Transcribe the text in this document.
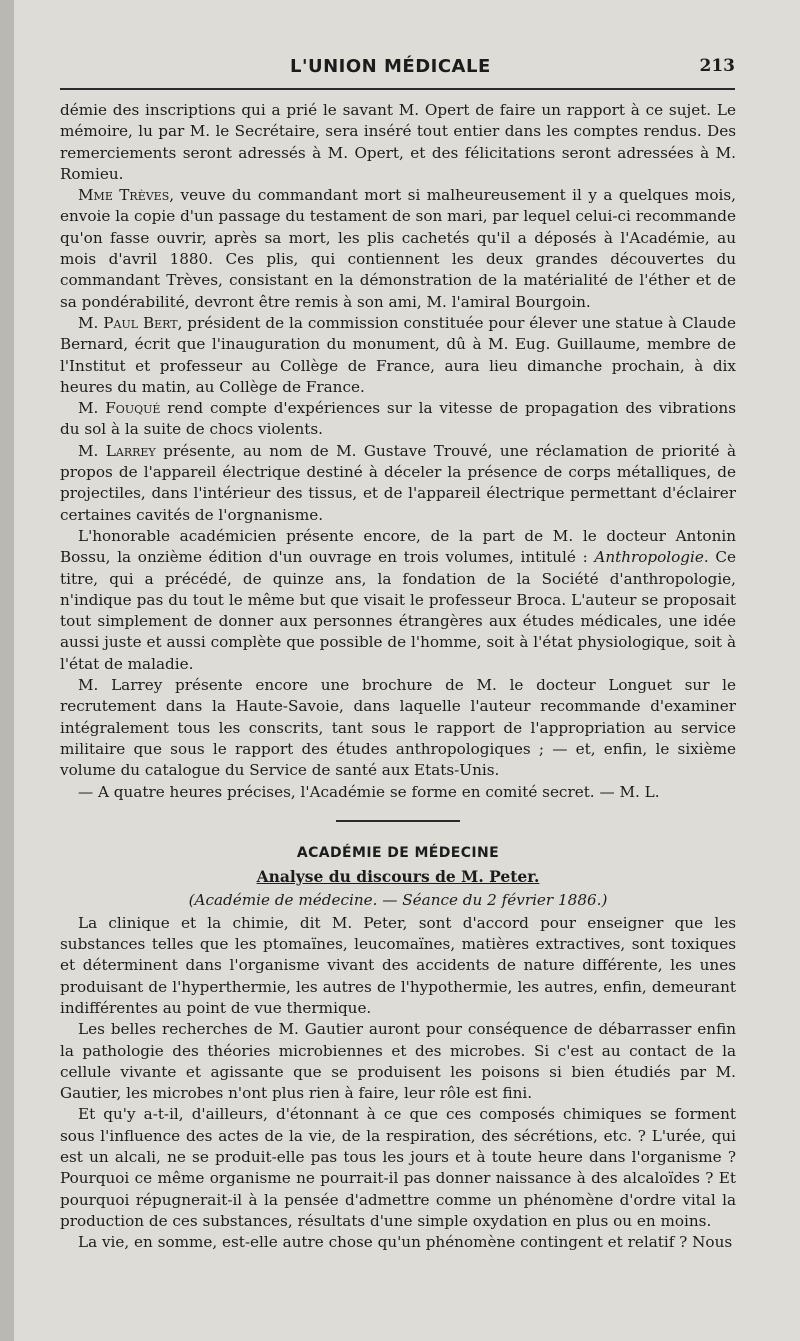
L'UNION MÉDICALE	213

démie des inscriptions qui a prié le savant M. Opert de faire un rapport à ce sujet. Le mémoire, lu par M. le Secrétaire, sera inséré tout entier dans les comptes rendus. Des remerciements seront adressés à M. Opert, et des félicitations seront adressées à M. Romieu.

Mme Trèves, veuve du commandant mort si malheureusement il y a quelques mois, envoie la copie d'un passage du testament de son mari, par lequel celui-ci recommande qu'on fasse ouvrir, après sa mort, les plis cachetés qu'il a déposés à l'Académie, au mois d'avril 1880. Ces plis, qui contiennent les deux grandes découvertes du commandant Trèves, consistant en la démonstration de la matérialité de l'éther et de sa pondérabilité, devront être remis à son ami, M. l'amiral Bourgoin.

M. Paul Bert, président de la commission constituée pour élever une statue à Claude Bernard, écrit que l'inauguration du monument, dû à M. Eug. Guillaume, membre de l'Institut et professeur au Collège de France, aura lieu dimanche prochain, à dix heures du matin, au Collège de France.

M. Fouqué rend compte d'expériences sur la vitesse de propagation des vibrations du sol à la suite de chocs violents.

M. Larrey présente, au nom de M. Gustave Trouvé, une réclamation de priorité à propos de l'appareil électrique destiné à déceler la présence de corps métalliques, de projectiles, dans l'intérieur des tissus, et de l'appareil électrique permettant d'éclairer certaines cavités de l'orgnanisme.

L'honorable académicien présente encore, de la part de M. le docteur Antonin Bossu, la onzième édition d'un ouvrage en trois volumes, intitulé : Anthropologie. Ce titre, qui a précédé, de quinze ans, la fondation de la Société d'anthropologie, n'indique pas du tout le même but que visait le professeur Broca. L'auteur se proposait tout simplement de donner aux personnes étrangères aux études médicales, une idée aussi juste et aussi complète que possible de l'homme, soit à l'état physiologique, soit à l'état de maladie.

M. Larrey présente encore une brochure de M. le docteur Longuet sur le recrutement dans la Haute-Savoie, dans laquelle l'auteur recommande d'examiner intégralement tous les conscrits, tant sous le rapport de l'appropriation au service militaire que sous le rapport des études anthropologiques ; — et, enfin, le sixième volume du catalogue du Service de santé aux Etats-Unis.

— A quatre heures précises, l'Académie se forme en comité secret. — M. L.

ACADÉMIE DE MÉDECINE
Analyse du discours de M. Peter.
(Académie de médecine. — Séance du 2 février 1886.)

La clinique et la chimie, dit M. Peter, sont d'accord pour enseigner que les substances telles que les ptomaïnes, leucomaïnes, matières extractives, sont toxiques et déterminent dans l'organisme vivant des accidents de nature différente, les unes produisant de l'hyperthermie, les autres de l'hypothermie, les autres, enfin, demeurant indifférentes au point de vue thermique.

Les belles recherches de M. Gautier auront pour conséquence de débarrasser enfin la pathologie des théories microbiennes et des microbes. Si c'est au contact de la cellule vivante et agissante que se produisent les poisons si bien étudiés par M. Gautier, les microbes n'ont plus rien à faire, leur rôle est fini.

Et qu'y a-t-il, d'ailleurs, d'étonnant à ce que ces composés chimiques se forment sous l'influence des actes de la vie, de la respiration, des sécrétions, etc. ? L'urée, qui est un alcali, ne se produit-elle pas tous les jours et à toute heure dans l'organisme ? Pourquoi ce même organisme ne pourrait-il pas donner naissance à des alcaloïdes ? Et pourquoi répugnerait-il à la pensée d'admettre comme un phénomène d'ordre vital la production de ces substances, résultats d'une simple oxydation en plus ou en moins.

La vie, en somme, est-elle autre chose qu'un phénomène contingent et relatif ? Nous
